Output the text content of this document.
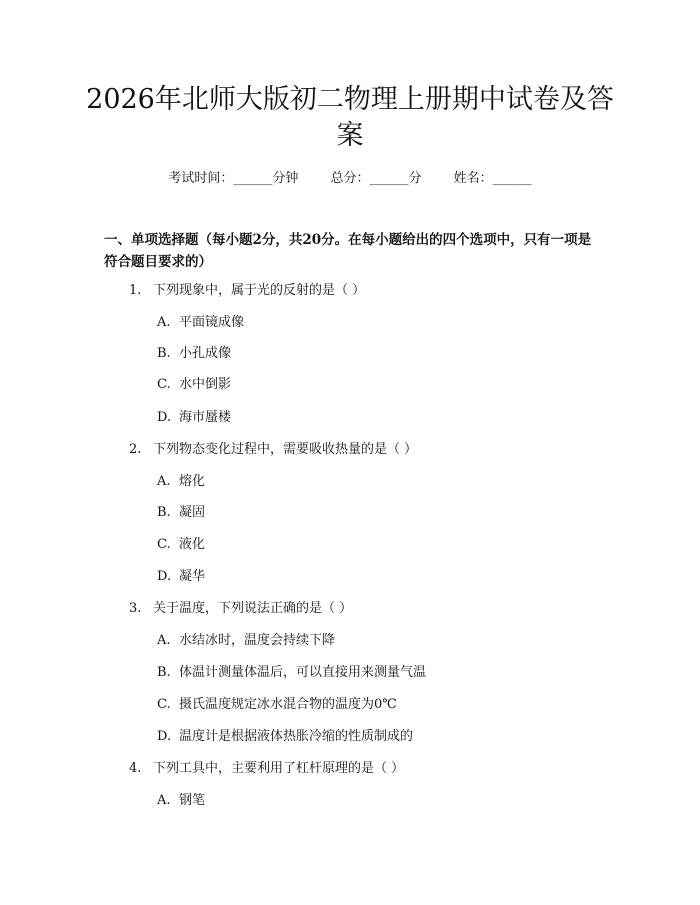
2026年北师大版初二物理上册期中试卷及答
案
考试时间：______分钟 总分：______分 姓名：______
一、单项选择题（每小题2分，共20分。在每小题给出的四个选项中，只有一项是符合题目要求的）
1. 下列现象中，属于光的反射的是（ ）
A. 平面镜成像
B. 小孔成像
C. 水中倒影
D. 海市蜃楼
2. 下列物态变化过程中，需要吸收热量的是（ ）
A. 熔化
B. 凝固
C. 液化
D. 凝华
3. 关于温度，下列说法正确的是（ ）
A. 水结冰时，温度会持续下降
B. 体温计测量体温后，可以直接用来测量气温
C. 摄氏温度规定冰水混合物的温度为0℃
D. 温度计是根据液体热胀冷缩的性质制成的
4. 下列工具中，主要利用了杠杆原理的是（ ）
A. 钢笔
